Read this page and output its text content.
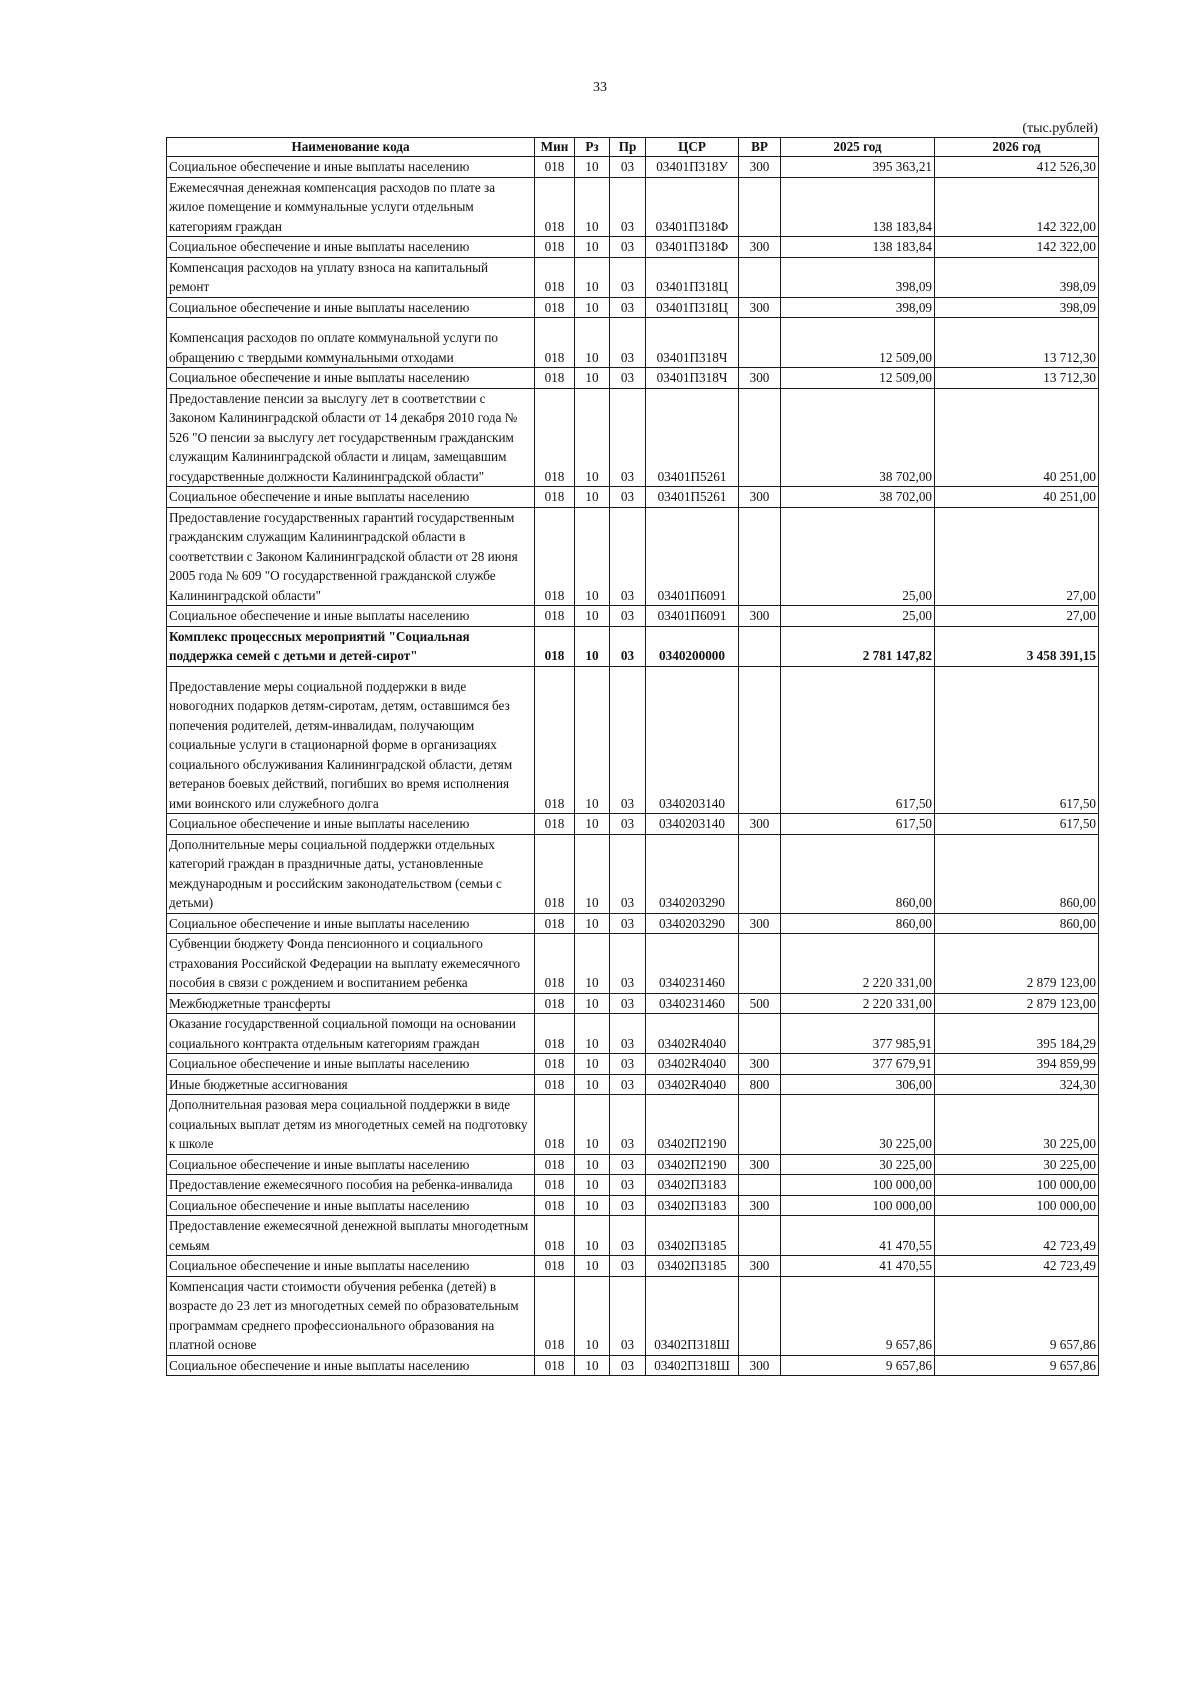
33
(тыс.рублей)
Наименование кода	Мин	Рз	Пр	ЦСР	ВР	2025 год	2026 год
Социальное обеспечение и иные выплаты населению	018	10	03	03401П318У	300	395 363,21	412 526,30
Ежемесячная денежная компенсация расходов по плате за жилое помещение и коммунальные услуги отдельным категориям граждан	018	10	03	03401П318Ф		138 183,84	142 322,00
Социальное обеспечение и иные выплаты населению	018	10	03	03401П318Ф	300	138 183,84	142 322,00
Компенсация расходов на уплату взноса на капитальный ремонт	018	10	03	03401П318Ц		398,09	398,09
Социальное обеспечение и иные выплаты населению	018	10	03	03401П318Ц	300	398,09	398,09
Компенсация расходов по оплате коммунальной услуги по обращению с твердыми коммунальными отходами	018	10	03	03401П318Ч		12 509,00	13 712,30
Социальное обеспечение и иные выплаты населению	018	10	03	03401П318Ч	300	12 509,00	13 712,30
Предоставление пенсии за выслугу лет в соответствии с Законом Калининградской области от 14 декабря 2010 года № 526 "О пенсии за выслугу лет государственным гражданским служащим Калининградской области и лицам, замещавшим государственные должности Калининградской области"	018	10	03	03401П5261		38 702,00	40 251,00
Социальное обеспечение и иные выплаты населению	018	10	03	03401П5261	300	38 702,00	40 251,00
Предоставление государственных гарантий государственным гражданским служащим Калининградской области в соответствии с Законом Калининградской области от 28 июня 2005 года № 609 "О государственной гражданской службе Калининградской области"	018	10	03	03401П6091		25,00	27,00
Социальное обеспечение и иные выплаты населению	018	10	03	03401П6091	300	25,00	27,00
Комплекс процессных мероприятий "Социальная поддержка семей с детьми и детей-сирот"	018	10	03	0340200000		2 781 147,82	3 458 391,15
Предоставление меры социальной поддержки в виде новогодних подарков детям-сиротам, детям, оставшимся без попечения родителей, детям-инвалидам, получающим социальные услуги в стационарной форме в организациях социального обслуживания Калининградской области, детям ветеранов боевых действий, погибших во время исполнения ими воинского или служебного долга	018	10	03	0340203140		617,50	617,50
Социальное обеспечение и иные выплаты населению	018	10	03	0340203140	300	617,50	617,50
Дополнительные меры социальной поддержки отдельных категорий граждан в праздничные даты, установленные международным и российским законодательством (семьи с детьми)	018	10	03	0340203290		860,00	860,00
Социальное обеспечение и иные выплаты населению	018	10	03	0340203290	300	860,00	860,00
Субвенции бюджету Фонда пенсионного и социального страхования Российской Федерации на выплату ежемесячного пособия в связи с рождением и воспитанием ребенка	018	10	03	0340231460		2 220 331,00	2 879 123,00
Межбюджетные трансферты	018	10	03	0340231460	500	2 220 331,00	2 879 123,00
Оказание государственной социальной помощи на основании социального контракта отдельным категориям граждан	018	10	03	03402R4040		377 985,91	395 184,29
Социальное обеспечение и иные выплаты населению	018	10	03	03402R4040	300	377 679,91	394 859,99
Иные бюджетные ассигнования	018	10	03	03402R4040	800	306,00	324,30
Дополнительная разовая мера социальной поддержки в виде социальных выплат детям из многодетных семей на подготовку к школе	018	10	03	03402П2190		30 225,00	30 225,00
Социальное обеспечение и иные выплаты населению	018	10	03	03402П2190	300	30 225,00	30 225,00
Предоставление ежемесячного пособия на ребенка-инвалида	018	10	03	03402П3183		100 000,00	100 000,00
Социальное обеспечение и иные выплаты населению	018	10	03	03402П3183	300	100 000,00	100 000,00
Предоставление ежемесячной денежной выплаты многодетным семьям	018	10	03	03402П3185		41 470,55	42 723,49
Социальное обеспечение и иные выплаты населению	018	10	03	03402П3185	300	41 470,55	42 723,49
Компенсация части стоимости обучения ребенка (детей) в возрасте до 23 лет из многодетных семей по образовательным программам среднего профессионального образования на платной основе	018	10	03	03402П318Ш		9 657,86	9 657,86
Социальное обеспечение и иные выплаты населению	018	10	03	03402П318Ш	300	9 657,86	9 657,86
